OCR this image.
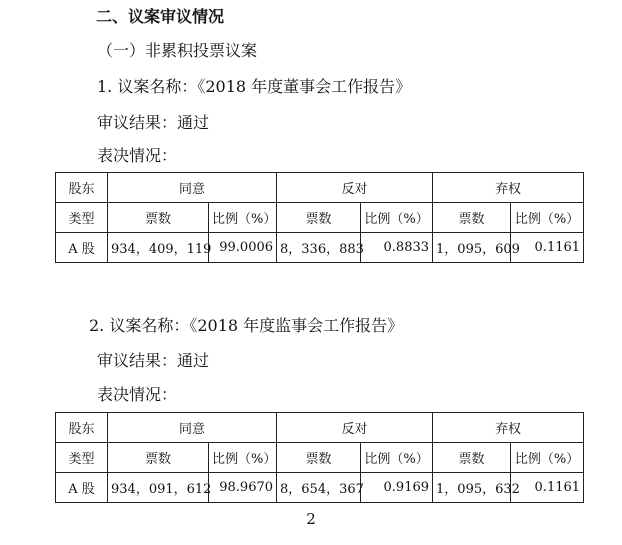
二、议案审议情况
（一）非累积投票议案
1. 议案名称：《2018 年度董事会工作报告》
审议结果：通过
表决情况：
股东	同意		反对		弃权	
类型	票数	比例（%）	票数	比例（%）	票数	比例（%）
A 股	934，409，119	99.0006	8，336，883	0.8833	1，095，609	0.1161
2. 议案名称：《2018 年度监事会工作报告》
审议结果：通过
表决情况：
股东	同意		反对		弃权	
类型	票数	比例（%）	票数	比例（%）	票数	比例（%）
A 股	934，091，612	98.9670	8，654，367	0.9169	1，095，632	0.1161
2
